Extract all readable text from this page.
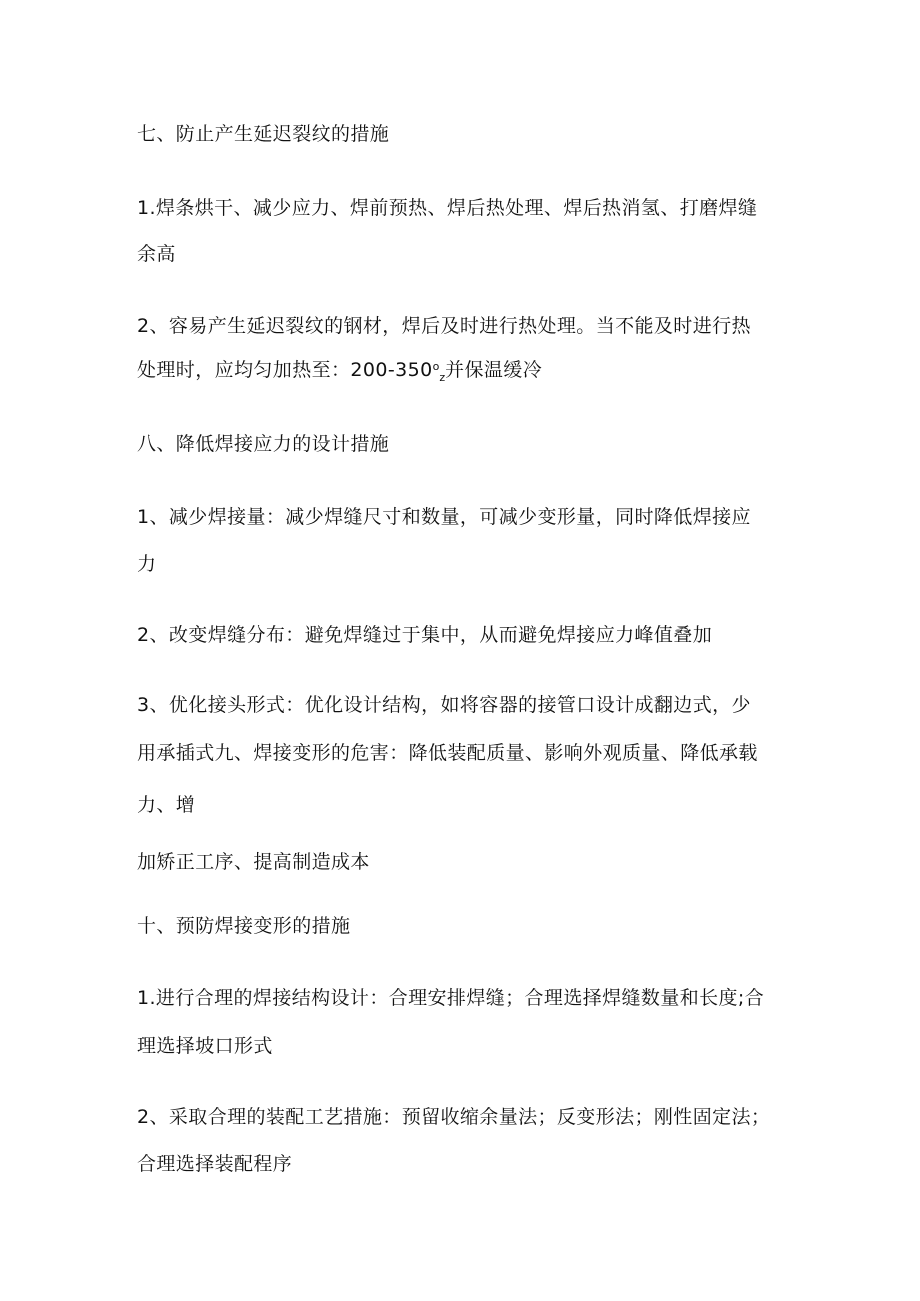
七、防止产生延迟裂纹的措施
1.焊条烘干、减少应力、焊前预热、焊后热处理、焊后热消氢、打磨焊缝
余高
2、容易产生延迟裂纹的钢材，焊后及时进行热处理。当不能及时进行热
处理时，应均匀加热至：$200-350^o_z$并保温缓冷
八、降低焊接应力的设计措施
1、减少焊接量：减少焊缝尺寸和数量，可减少变形量，同时降低焊接应
力
2、改变焊缝分布：避免焊缝过于集中，从而避免焊接应力峰值叠加
3、优化接头形式：优化设计结构，如将容器的接管口设计成翻边式，少
用承插式九、焊接变形的危害：降低装配质量、影响外观质量、降低承载
力、增
加矫正工序、提高制造成本
十、预防焊接变形的措施
1.进行合理的焊接结构设计：合理安排焊缝；合理选择焊缝数量和长度;合
理选择坡口形式
2、采取合理的装配工艺措施：预留收缩余量法；反变形法；刚性固定法；
合理选择装配程序
